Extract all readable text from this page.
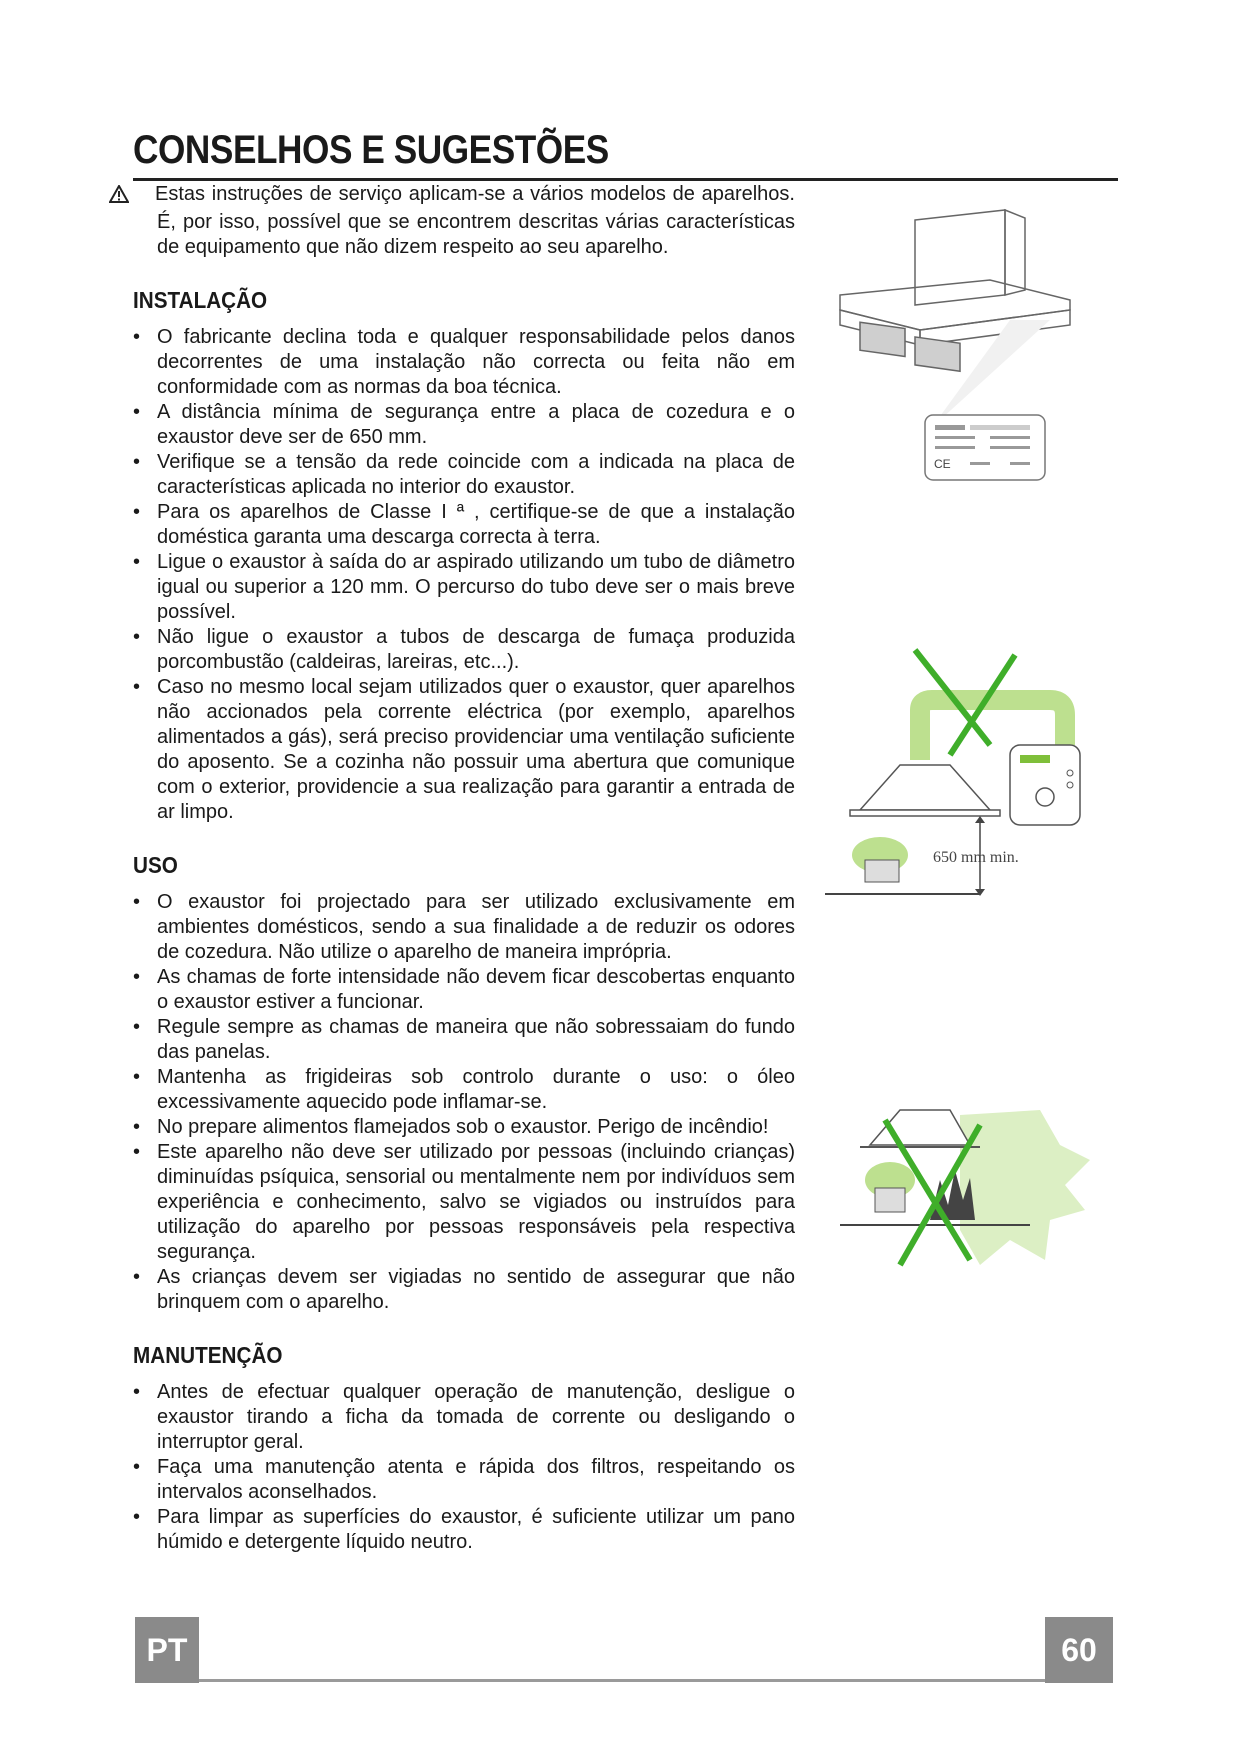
CONSELHOS E SUGESTÕES

Estas instruções de serviço aplicam-se a vários modelos de aparelhos. É, por isso, possível que se encontrem descritas várias características de equipamento que não dizem respeito ao seu aparelho.

INSTALAÇÃO
• O fabricante declina toda e qualquer responsabilidade pelos danos decorrentes de uma instalação não correcta ou feita não em conformidade com as normas da boa técnica.
• A distância mínima de segurança entre a placa de cozedura e o exaustor deve ser de 650 mm.
• Verifique se a tensão da rede coincide com a indicada na placa de características aplicada no interior do exaustor.
• Para os aparelhos de Classe I ª , certifique-se de que a instalação doméstica garanta uma descarga correcta à terra.
• Ligue o exaustor à saída do ar aspirado utilizando um tubo de diâmetro igual ou superior a 120 mm. O percurso do tubo deve ser o mais breve possível.
• Não ligue o exaustor a tubos de descarga de fumaça produzida porcombustão (caldeiras, lareiras, etc...).
• Caso no mesmo local sejam utilizados quer o exaustor, quer aparelhos não accionados pela corrente eléctrica (por exemplo, aparelhos alimentados a gás), será preciso providenciar uma ventilação suficiente do aposento. Se a cozinha não possuir uma abertura que comunique com o exterior, providencie a sua realização para garantir a entrada de ar limpo.
USO
• O exaustor foi projectado para ser utilizado exclusivamente em ambientes domésticos, sendo a sua finalidade a de reduzir os odores de cozedura. Não utilize o aparelho de maneira imprópria.
• As chamas de forte intensidade não devem ficar descobertas enquanto o exaustor estiver a funcionar.
• Regule sempre as chamas de maneira que não sobressaiam do fundo das panelas.
• Mantenha as frigideiras sob controlo durante o uso: o óleo excessivamente aquecido pode inflamar-se.
• No prepare alimentos flamejados sob o exaustor. Perigo de incêndio!
• Este aparelho não deve ser utilizado por pessoas (incluindo crianças) diminuídas psíquica, sensorial ou mentalmente nem por indivíduos sem experiência e conhecimento, salvo se vigiados ou instruídos para utilização do aparelho por pessoas responsáveis pela respectiva segurança.
• As crianças devem ser vigiadas no sentido de assegurar que não brinquem com o aparelho.
MANUTENÇÃO
• Antes de efectuar qualquer operação de manutenção, desligue o exaustor tirando a ficha da tomada de corrente ou desligando o interruptor geral.
• Faça uma manutenção atenta e rápida dos filtros, respeitando os intervalos aconselhados.
• Para limpar as superfícies do exaustor, é suficiente utilizar um pano húmido e detergente líquido neutro.
CE
650 mm min.
PT	60
